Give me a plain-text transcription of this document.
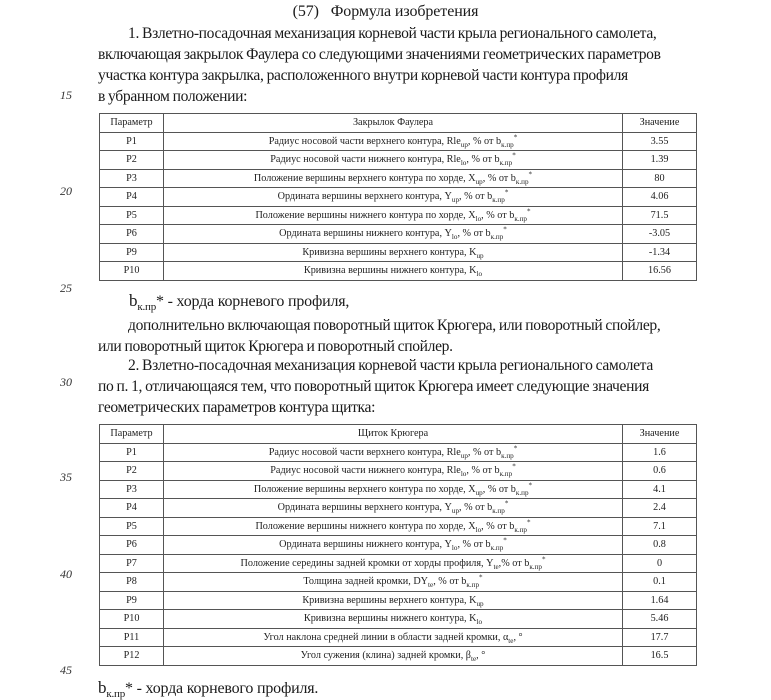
(57) Формула изобретения
1. Взлетно-посадочная механизация корневой части крыла регионального самолета,
включающая закрылок Фаулера со следующими значениями геометрических параметров
участка контура закрылка, расположенного внутри корневой части контура профиля
в убранном положении:
15
20
25
30
35
40
45
Параметр	Закрылок Фаулера	Значение
P1	Радиус носовой части верхнего контура, Rle$_{up}$, % от $b_{к.пр}^*$	3.55
P2	Радиус носовой части нижнего контура, Rle$_{lo}$, % от $b_{к.пр}^*$	1.39
P3	Положение вершины верхнего контура по хорде, $X_{up}$, % от $b_{к.пр}^*$	80
P4	Ордината вершины верхнего контура, $Y_{up}$, % от $b_{к.пр}^*$	4.06
P5	Положение вершины нижнего контура по хорде, $X_{lo}$, % от $b_{к.пр}^*$	71.5
P6	Ордината вершины нижнего контура, $Y_{lo}$, % от $b_{к.пр}^*$	-3.05
P9	Кривизна вершины верхнего контура, $K_{up}$	-1.34
P10	Кривизна вершины нижнего контура, $K_{lo}$	16.56
$b_{к.пр}*$ - хорда корневого профиля,
дополнительно включающая поворотный щиток Крюгера, или поворотный спойлер,
или поворотный щиток Крюгера и поворотный спойлер.
2. Взлетно-посадочная механизация корневой части крыла регионального самолета
по п. 1, отличающаяся тем, что поворотный щиток Крюгера имеет следующие значения
геометрических параметров контура щитка:
Параметр	Щиток Крюгера	Значение
P1	Радиус носовой части верхнего контура, Rle$_{up}$, % от $b_{к.пр}^*$	1.6
P2	Радиус носовой части нижнего контура, Rle$_{lo}$, % от $b_{к.пр}^*$	0.6
P3	Положение вершины верхнего контура по хорде, $X_{up}$, % от $b_{к.пр}^*$	4.1
P4	Ордината вершины верхнего контура, $Y_{up}$, % от $b_{к.пр}^*$	2.4
P5	Положение вершины нижнего контура по хорде, $X_{lo}$, % от $b_{к.пр}^*$	7.1
P6	Ордината вершины нижнего контура, $Y_{lo}$, % от $b_{к.пр}^*$	0.8
P7	Положение середины задней кромки от хорды профиля, $Y_{te},\%$ от $b_{к.пр}^*$	0
P8	Толщина задней кромки, $DY_{te}$, % от $b_{к.пр}^*$	0.1
P9	Кривизна вершины верхнего контура, $K_{up}$	1.64
P10	Кривизна вершины нижнего контура, $K_{lo}$	5.46
P11	Угол наклона средней линии в области задней кромки, $\alpha_{te}$, °	17.7
P12	Угол сужения (клина) задней кромки, $\beta_{te}$, °	16.5
$b_{к.пр}*$ - хорда корневого профиля.
